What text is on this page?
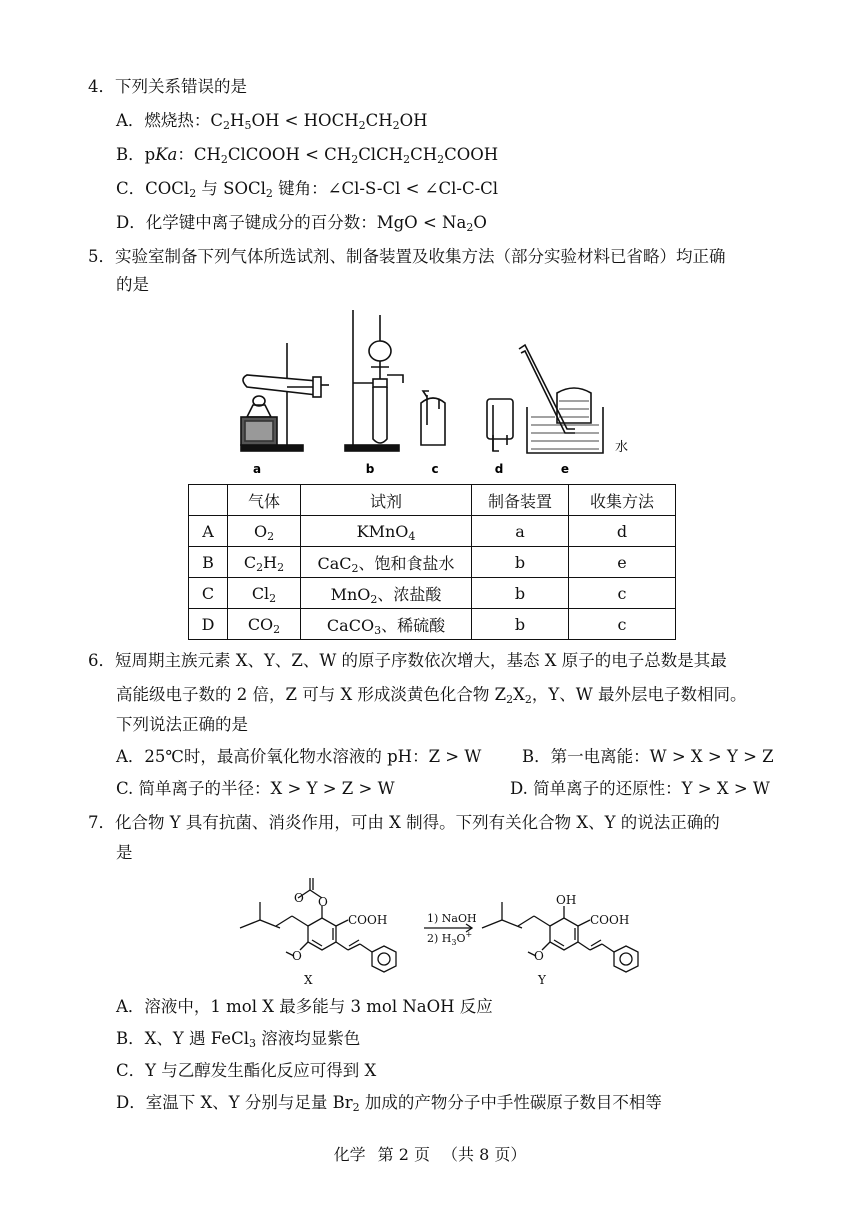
4．下列关系错误的是
A．燃烧热：$C_2H_5OH$ < $HOCH_2CH_2OH$
B．pKa：$CH_2ClCOOH$ < $CH_2ClCH_2CH_2COOH$
C．COCl$_2$ 与 SOCl$_2$ 键角：∠Cl-S-Cl < ∠Cl-C-Cl
D．化学键中离子键成分的百分数：MgO < $Na_2O$
5．实验室制备下列气体所选试剂、制备装置及收集方法（部分实验材料已省略）均正确
的是
a	b	c	d	e
水
	气体	试剂	制备装置	收集方法
A	$O_2$	KMnO$_4$	a	d
B	$C_2H_2$	CaC$_2$、饱和食盐水	b	e
C	$Cl_2$	MnO$_2$、浓盐酸	b	c
D	$CO_2$	CaCO$_3$、稀硫酸	b	c
6．短周期主族元素 X、Y、Z、W 的原子序数依次增大，基态 X 原子的电子总数是其最
高能级电子数的 2 倍，Z 可与 X 形成淡黄色化合物 $Z_2X_2$，Y、W 最外层电子数相同。
下列说法正确的是
A．25℃时，最高价氧化物水溶液的 pH：Z > W B．第一电离能：W > X > Y > Z
C. 简单离子的半径：X > Y > Z > W	D. 简单离子的还原性：Y > X > W
7．化合物 Y 具有抗菌、消炎作用，可由 X 制得。下列有关化合物 X、Y 的说法正确的
是
O
O
COOH
O
1) NaOH
2) $H_3O^+$
OH
COOH
O
X	Y
A．溶液中，1 mol X 最多能与 3 mol NaOH 反应
B．X、Y 遇 FeCl$_3$ 溶液均显紫色
C．Y 与乙醇发生酯化反应可得到 X
D．室温下 X、Y 分别与足量 $Br_2$ 加成的产物分子中手性碳原子数目不相等
化学 第 2 页 （共 8 页）
